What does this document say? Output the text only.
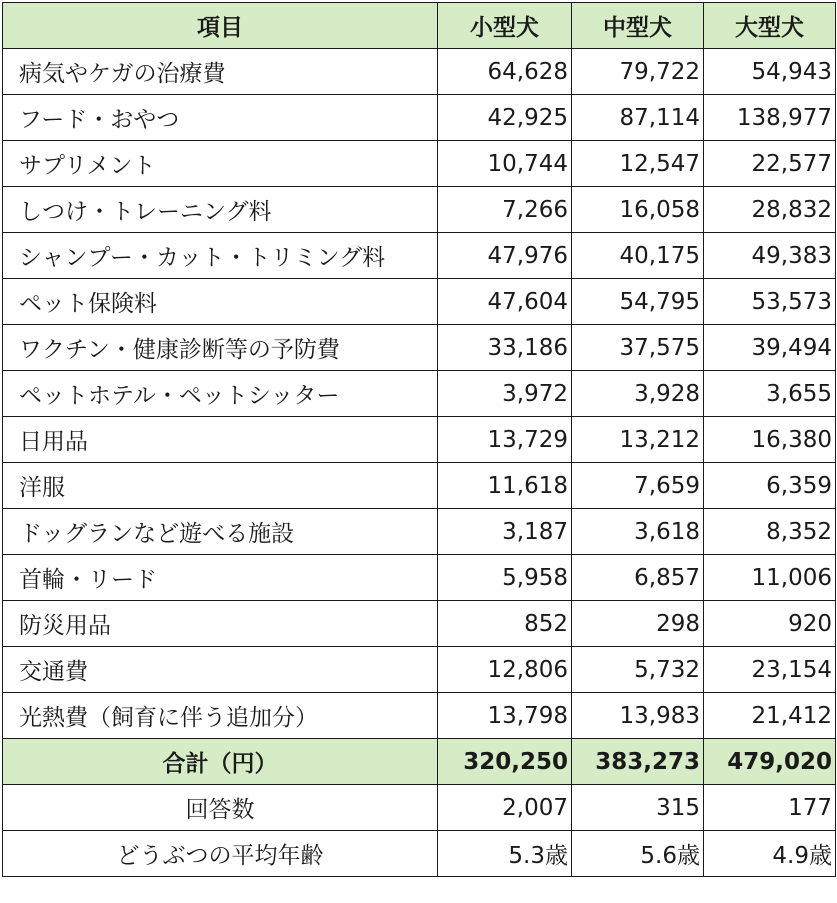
項目	小型犬	中型犬	大型犬
病気やケガの治療費	64,628	79,722	54,943
フード・おやつ	42,925	87,114	138,977
サプリメント	10,744	12,547	22,577
しつけ・トレーニング料	7,266	16,058	28,832
シャンプー・カット・トリミング料	47,976	40,175	49,383
ペット保険料	47,604	54,795	53,573
ワクチン・健康診断等の予防費	33,186	37,575	39,494
ペットホテル・ペットシッター	3,972	3,928	3,655
日用品	13,729	13,212	16,380
洋服	11,618	7,659	6,359
ドッグランなど遊べる施設	3,187	3,618	8,352
首輪・リード	5,958	6,857	11,006
防災用品	852	298	920
交通費	12,806	5,732	23,154
光熱費（飼育に伴う追加分）	13,798	13,983	21,412
合計（円）	320,250	383,273	479,020
回答数	2,007	315	177
どうぶつの平均年齢	5.3歳	5.6歳	4.9歳
